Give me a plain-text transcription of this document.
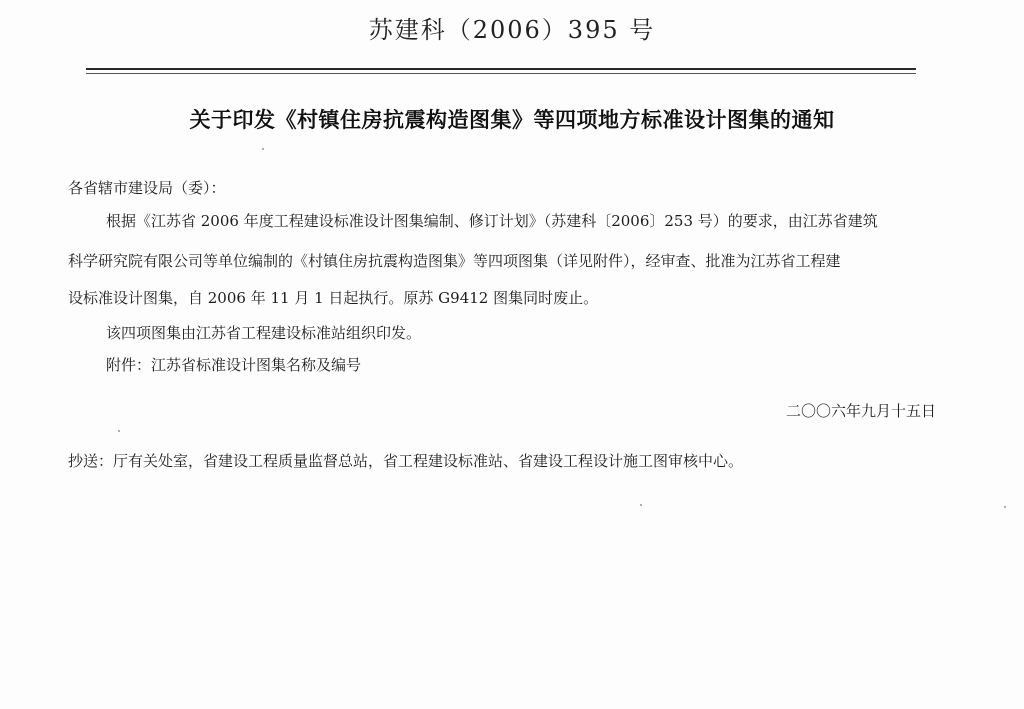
苏建科（2006）395 号
关于印发《村镇住房抗震构造图集》等四项地方标准设计图集的通知
各省辖市建设局（委）：
根据《江苏省 2006 年度工程建设标准设计图集编制、修订计划》（苏建科〔2006〕253 号）的要求，由江苏省建筑
科学研究院有限公司等单位编制的《村镇住房抗震构造图集》等四项图集（详见附件），经审查、批准为江苏省工程建
设标准设计图集，自 2006 年 11 月 1 日起执行。原苏 G9412 图集同时废止。
该四项图集由江苏省工程建设标准站组织印发。
附件：江苏省标准设计图集名称及编号
二〇〇六年九月十五日
抄送：厅有关处室，省建设工程质量监督总站，省工程建设标准站、省建设工程设计施工图审核中心。
